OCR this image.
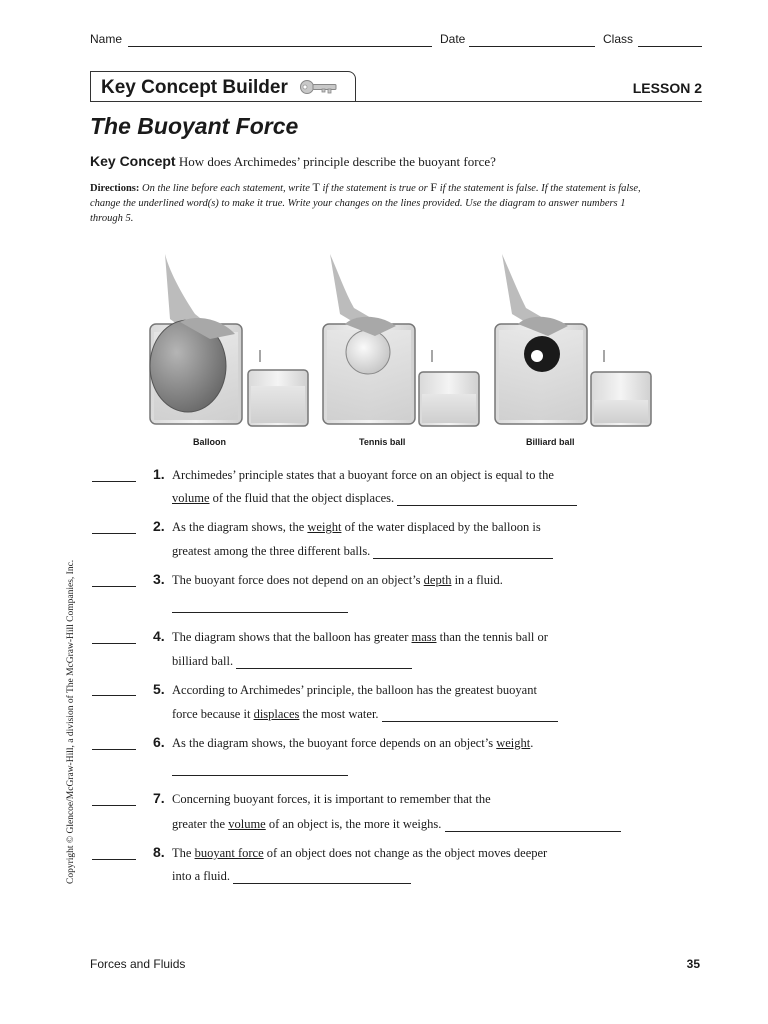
Name	Date	Class
Key Concept Builder	LESSON 2
The Buoyant Force
Key Concept How does Archimedes’ principle describe the buoyant force?
Directions: On the line before each statement, write T if the statement is true or F if the statement is false. If the statement is false, change the underlined word(s) to make it true. Write your changes on the lines provided. Use the diagram to answer numbers 1 through 5.
Balloon	Tennis ball	Billiard ball
1. Archimedes’ principle states that a buoyant force on an object is equal to the
volume of the fluid that the object displaces.
2. As the diagram shows, the weight of the water displaced by the balloon is
greatest among the three different balls.
3. The buoyant force does not depend on an object’s depth in a fluid.
4. The diagram shows that the balloon has greater mass than the tennis ball or
billiard ball.
5. According to Archimedes’ principle, the balloon has the greatest buoyant
force because it displaces the most water.
6. As the diagram shows, the buoyant force depends on an object’s weight.
7. Concerning buoyant forces, it is important to remember that the
greater the volume of an object is, the more it weighs.
8. The buoyant force of an object does not change as the object moves deeper
into a fluid.
Copyright © Glencoe/McGraw-Hill, a division of The McGraw-Hill Companies, Inc.
Forces and Fluids	35
